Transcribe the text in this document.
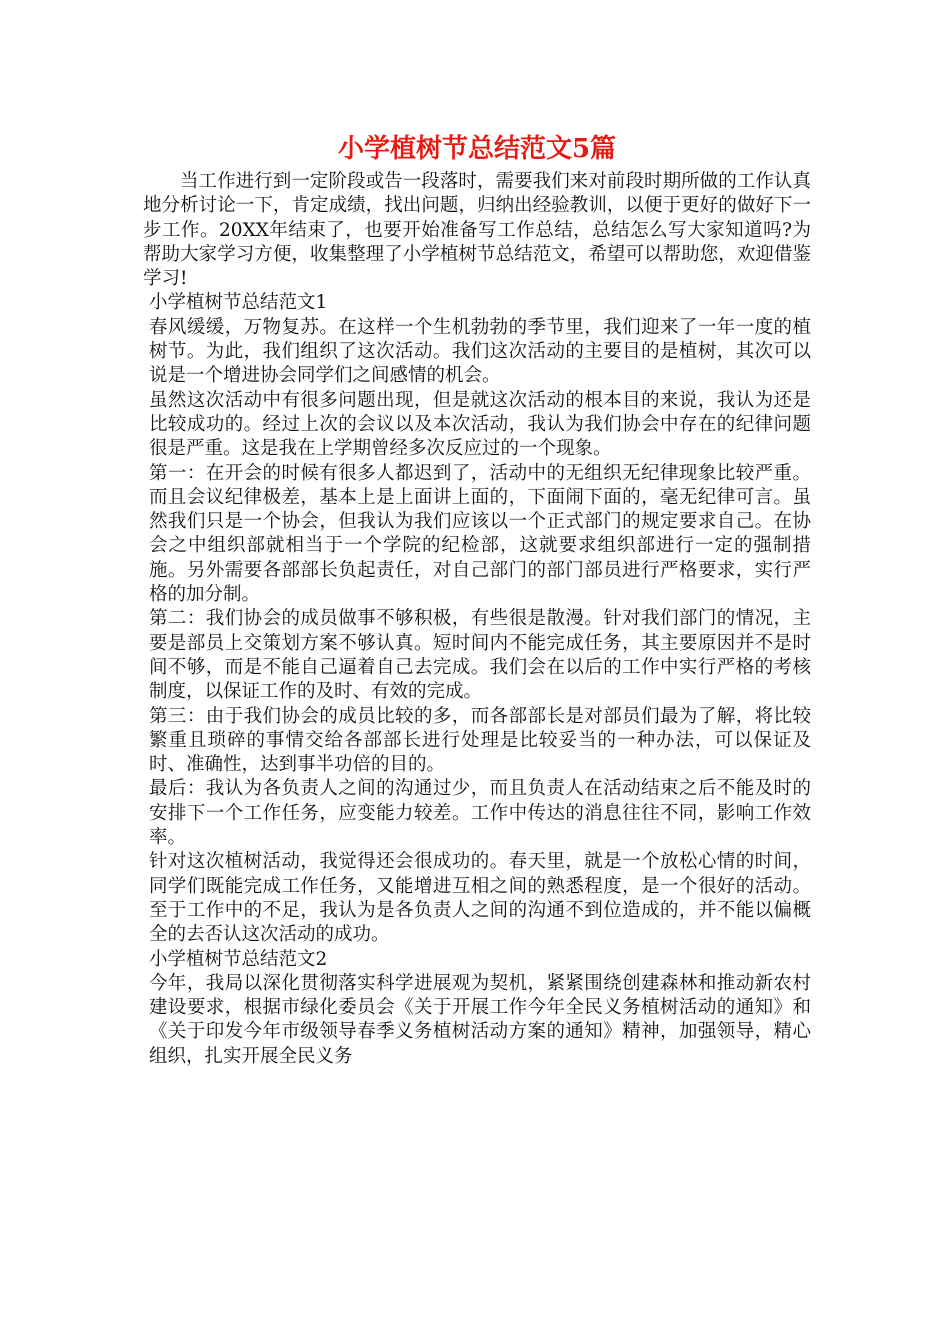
小学植树节总结范文5篇

当工作进行到一定阶段或告一段落时，需要我们来对前段时期所做的工作认真地分析讨论一下，肯定成绩，找出问题，归纳出经验教训，以便于更好的做好下一步工作。20XX年结束了，也要开始准备写工作总结，总结怎么写大家知道吗?为帮助大家学习方便，收集整理了小学植树节总结范文，希望可以帮助您，欢迎借鉴学习!

小学植树节总结范文1

春风缓缓，万物复苏。在这样一个生机勃勃的季节里，我们迎来了一年一度的植树节。为此，我们组织了这次活动。我们这次活动的主要目的是植树，其次可以说是一个增进协会同学们之间感情的机会。

虽然这次活动中有很多问题出现，但是就这次活动的根本目的来说，我认为还是比较成功的。经过上次的会议以及本次活动，我认为我们协会中存在的纪律问题很是严重。这是我在上学期曾经多次反应过的一个现象。

第一：在开会的时候有很多人都迟到了，活动中的无组织无纪律现象比较严重。而且会议纪律极差，基本上是上面讲上面的，下面闹下面的，毫无纪律可言。虽然我们只是一个协会，但我认为我们应该以一个正式部门的规定要求自己。在协会之中组织部就相当于一个学院的纪检部，这就要求组织部进行一定的强制措施。另外需要各部部长负起责任，对自己部门的部门部员进行严格要求，实行严格的加分制。

第二：我们协会的成员做事不够积极，有些很是散漫。针对我们部门的情况，主要是部员上交策划方案不够认真。短时间内不能完成任务，其主要原因并不是时间不够，而是不能自己逼着自己去完成。我们会在以后的工作中实行严格的考核制度，以保证工作的及时、有效的完成。

第三：由于我们协会的成员比较的多，而各部部长是对部员们最为了解，将比较繁重且琐碎的事情交给各部部长进行处理是比较妥当的一种办法，可以保证及时、准确性，达到事半功倍的目的。

最后：我认为各负责人之间的沟通过少，而且负责人在活动结束之后不能及时的安排下一个工作任务，应变能力较差。工作中传达的消息往往不同，影响工作效率。

针对这次植树活动，我觉得还会很成功的。春天里，就是一个放松心情的时间，同学们既能完成工作任务，又能增进互相之间的熟悉程度，是一个很好的活动。至于工作中的不足，我认为是各负责人之间的沟通不到位造成的，并不能以偏概全的去否认这次活动的成功。

小学植树节总结范文2

今年，我局以深化贯彻落实科学进展观为契机，紧紧围绕创建森林和推动新农村建设要求，根据市绿化委员会《关于开展工作今年全民义务植树活动的通知》和《关于印发今年市级领导春季义务植树活动方案的通知》精神，加强领导，精心组织，扎实开展全民义务
